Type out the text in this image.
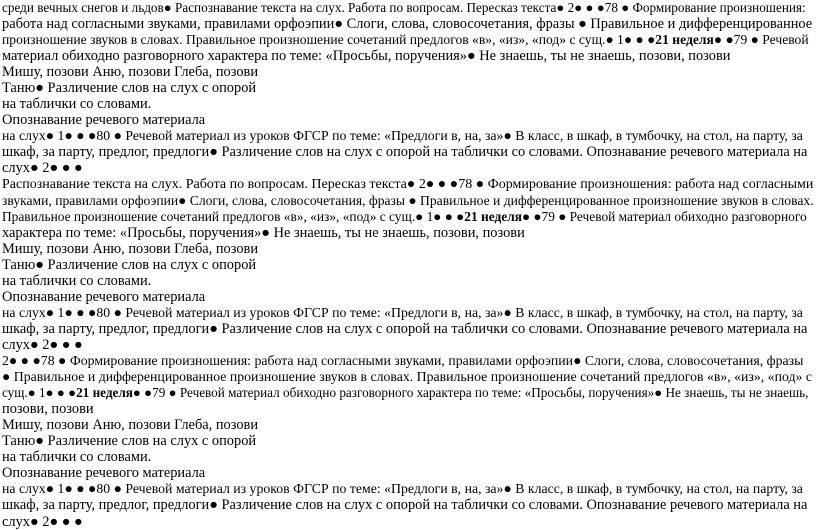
среди вечных снегов и льдов● Распознавание текста на слух. Работа по вопросам. Пересказ текста● 2● ● ●78 ● Формирование произношения:
работа над согласными звуками, правилами орфоэпии● Слоги, слова, словосочетания, фразы ● Правильное и дифференцированное
произношение звуков в словах. Правильное произношение сочетаний предлогов «в», «из», «под» с сущ.● 1● ● ●21 неделя● ●79 ● Речевой
материал обиходно разговорного характера по теме: «Просьбы, поручения»● Не знаешь, ты не знаешь, позови, позови
Мишу, позови Аню, позови Глеба, позови
Таню● Различение слов на слух с опорой
на таблички со словами.
Опознавание речевого материала
на слух● 1● ● ●80 ● Речевой материал из уроков ФГСР по теме: «Предлоги в, на, за»● В класс, в шкаф, в тумбочку, на стол, на парту, за
шкаф, за парту, предлог, предлоги● Различение слов на слух с опорой на таблички со словами. Опознавание речевого материала на
слух● 2● ● ●
Распознавание текста на слух. Работа по вопросам. Пересказ текста● 2● ● ●78 ● Формирование произношения: работа над согласными
звуками, правилами орфоэпии● Слоги, слова, словосочетания, фразы ● Правильное и дифференцированное произношение звуков в словах.
Правильное произношение сочетаний предлогов «в», «из», «под» с сущ.● 1● ● ●21 неделя● ●79 ● Речевой материал обиходно разговорного
характера по теме: «Просьбы, поручения»● Не знаешь, ты не знаешь, позови, позови
Мишу, позови Аню, позови Глеба, позови
Таню● Различение слов на слух с опорой
на таблички со словами.
Опознавание речевого материала
на слух● 1● ● ●80 ● Речевой материал из уроков ФГСР по теме: «Предлоги в, на, за»● В класс, в шкаф, в тумбочку, на стол, на парту, за
шкаф, за парту, предлог, предлоги● Различение слов на слух с опорой на таблички со словами. Опознавание речевого материала на
слух● 2● ● ●
2● ● ●78 ● Формирование произношения: работа над согласными звуками, правилами орфоэпии● Слоги, слова, словосочетания, фразы
● Правильное и дифференцированное произношение звуков в словах. Правильное произношение сочетаний предлогов «в», «из», «под» с
сущ.● 1● ● ●21 неделя● ●79 ● Речевой материал обиходно разговорного характера по теме: «Просьбы, поручения»● Не знаешь, ты не знаешь,
позови, позови
Мишу, позови Аню, позови Глеба, позови
Таню● Различение слов на слух с опорой
на таблички со словами.
Опознавание речевого материала
на слух● 1● ● ●80 ● Речевой материал из уроков ФГСР по теме: «Предлоги в, на, за»● В класс, в шкаф, в тумбочку, на стол, на парту, за
шкаф, за парту, предлог, предлоги● Различение слов на слух с опорой на таблички со словами. Опознавание речевого материала на
слух● 2● ● ●
